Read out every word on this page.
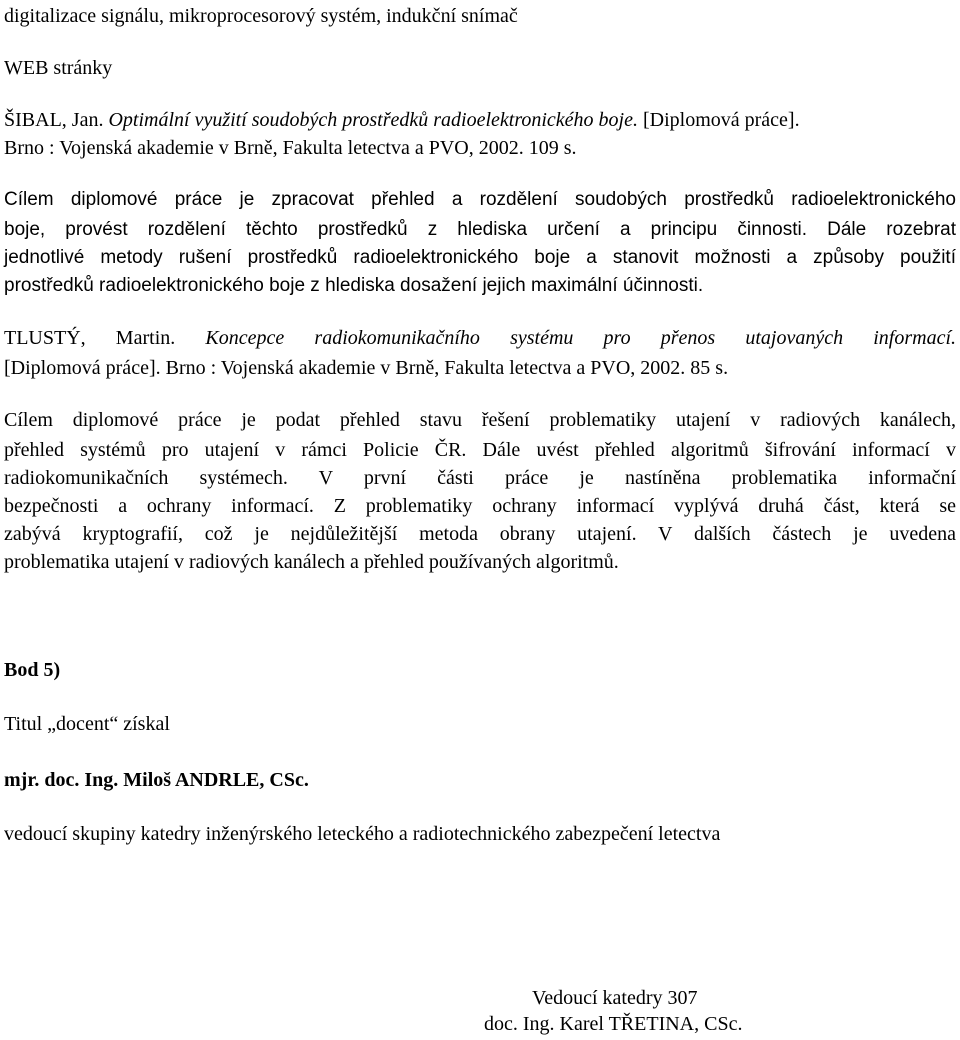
digitalizace signálu, mikroprocesorový systém, indukční snímač
WEB stránky
ŠIBAL, Jan. Optimální využití soudobých prostředků radioelektronického boje. [Diplomová práce].
Brno : Vojenská akademie v Brně, Fakulta letectva a PVO, 2002. 109 s.
Cílem diplomové práce je zpracovat přehled a rozdělení soudobých prostředků radioelektronického
boje, provést rozdělení těchto prostředků z hlediska určení a principu činnosti. Dále rozebrat
jednotlivé metody rušení prostředků radioelektronického boje a stanovit možnosti a způsoby použití
prostředků radioelektronického boje z hlediska dosažení jejich maximální účinnosti.
TLUSTÝ, Martin. Koncepce radiokomunikačního systému pro přenos utajovaných informací.
[Diplomová práce]. Brno : Vojenská akademie v Brně, Fakulta letectva a PVO, 2002. 85 s.
Cílem diplomové práce je podat přehled stavu řešení problematiky utajení v radiových kanálech,
přehled systémů pro utajení v rámci Policie ČR. Dále uvést přehled algoritmů šifrování informací v
radiokomunikačních systémech. V první části práce je nastíněna problematika informační
bezpečnosti a ochrany informací. Z problematiky ochrany informací vyplývá druhá část, která se
zabývá kryptografií, což je nejdůležitější metoda obrany utajení. V dalších částech je uvedena
problematika utajení v radiových kanálech a přehled používaných algoritmů.
Bod 5)
Titul „docent“ získal
mjr. doc. Ing. Miloš ANDRLE, CSc.
vedoucí skupiny katedry inženýrského leteckého a radiotechnického zabezpečení letectva
Vedoucí katedry 307
doc. Ing. Karel TŘETINA, CSc.
